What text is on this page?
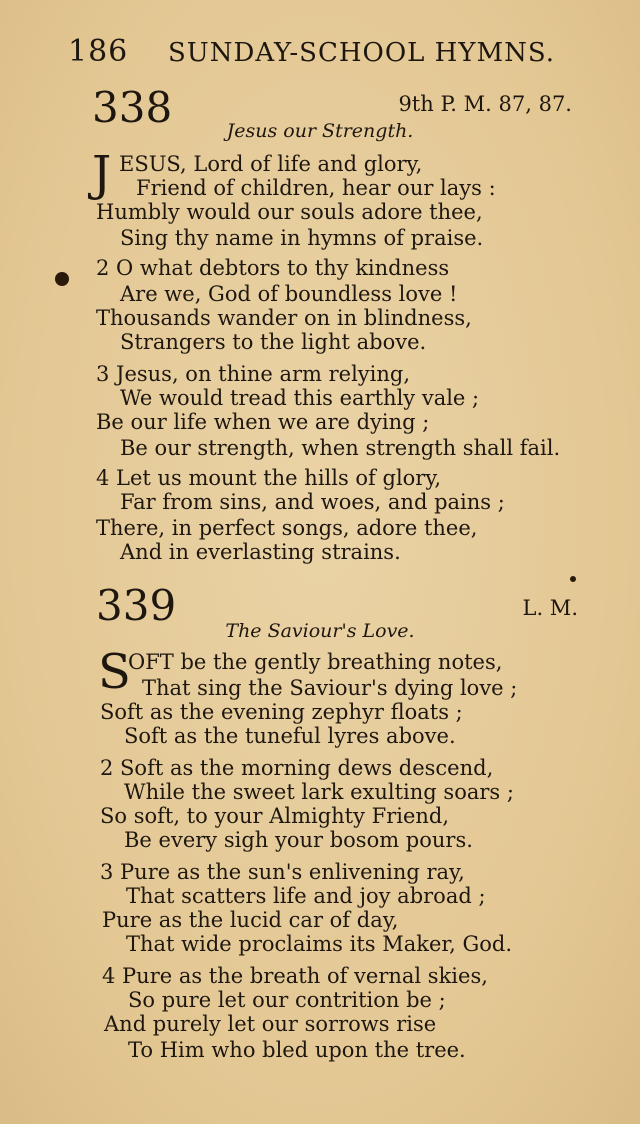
186 SUNDAY-SCHOOL HYMNS.
338	9th P. M. 87, 87.
Jesus our Strength.
J ESUS, Lord of life and glory,
Friend of children, hear our lays :
Humbly would our souls adore thee,
Sing thy name in hymns of praise.
2 O what debtors to thy kindness
Are we, God of boundless love !
Thousands wander on in blindness,
Strangers to the light above.
3 Jesus, on thine arm relying,
We would tread this earthly vale ;
Be our life when we are dying ;
Be our strength, when strength shall fail.
4 Let us mount the hills of glory,
Far from sins, and woes, and pains ;
There, in perfect songs, adore thee,
And in everlasting strains.
339	L. M.
The Saviour's Love.
S
OFT be the gently breathing notes,
That sing the Saviour's dying love ;
Soft as the evening zephyr floats ;
Soft as the tuneful lyres above.
2 Soft as the morning dews descend,
While the sweet lark exulting soars ;
So soft, to your Almighty Friend,
Be every sigh your bosom pours.
3 Pure as the sun's enlivening ray,
That scatters life and joy abroad ;
Pure as the lucid car of day,
That wide proclaims its Maker, God.
4 Pure as the breath of vernal skies,
So pure let our contrition be ;
And purely let our sorrows rise
To Him who bled upon the tree.
